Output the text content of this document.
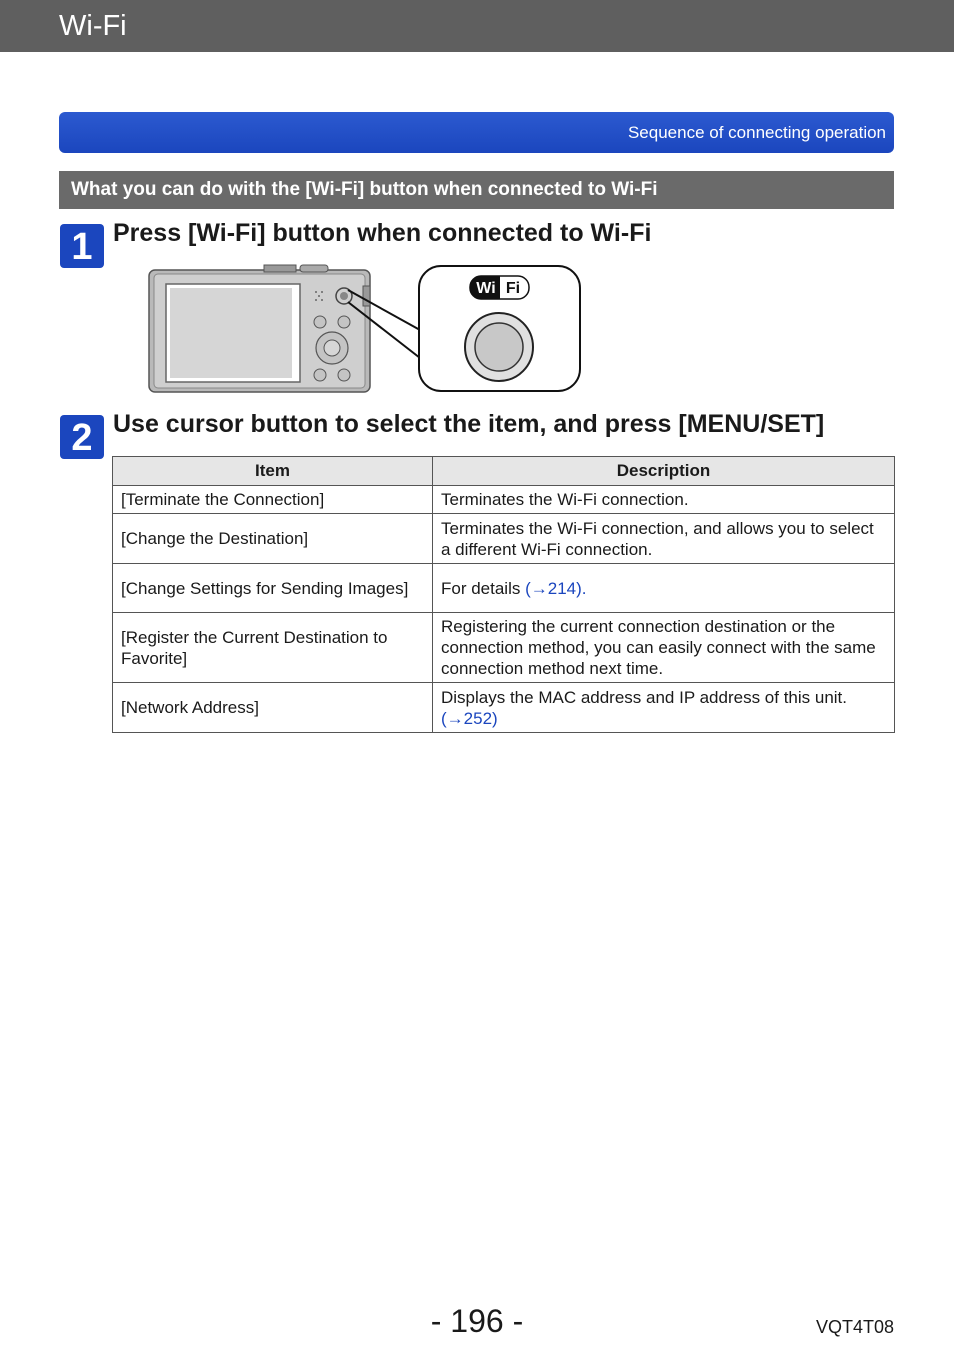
Wi-Fi
Sequence of connecting operation
What you can do with the [Wi-Fi] button when connected to Wi-Fi
1 Press [Wi-Fi] button when connected to Wi-Fi
Wi Fi
2 Use cursor button to select the item, and press [MENU/SET]
Item	Description
[Terminate the Connection]	Terminates the Wi-Fi connection.
[Change the Destination]	Terminates the Wi-Fi connection, and allows you to select a different Wi-Fi connection.
[Change Settings for Sending Images]	For details (→214).
[Register the Current Destination to Favorite]	Registering the current connection destination or the connection method, you can easily connect with the same connection method next time.
[Network Address]	Displays the MAC address and IP address of this unit. (→252)
- 196 -	VQT4T08
